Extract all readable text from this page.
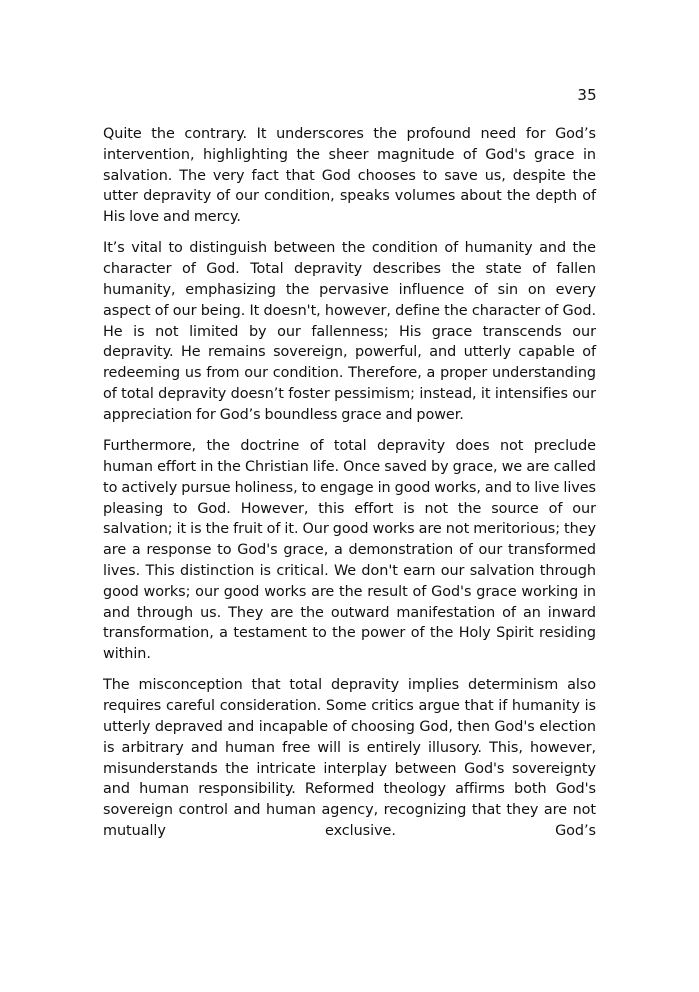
35

Quite the contrary. It underscores the profound need for God’s intervention, highlighting the sheer magnitude of God's grace in salvation. The very fact that God chooses to save us, despite the utter depravity of our condition, speaks volumes about the depth of His love and mercy.

It’s vital to distinguish between the condition of humanity and the character of God. Total depravity describes the state of fallen humanity, emphasizing the pervasive influence of sin on every aspect of our being. It doesn't, however, define the character of God. He is not limited by our fallenness; His grace transcends our depravity. He remains sovereign, powerful, and utterly capable of redeeming us from our condition. Therefore, a proper understanding of total depravity doesn’t foster pessimism; instead, it intensifies our appreciation for God’s boundless grace and power.

Furthermore, the doctrine of total depravity does not preclude human effort in the Christian life. Once saved by grace, we are called to actively pursue holiness, to engage in good works, and to live lives pleasing to God. However, this effort is not the source of our salvation; it is the fruit of it. Our good works are not meritorious; they are a response to God's grace, a demonstration of our transformed lives. This distinction is critical. We don't earn our salvation through good works; our good works are the result of God's grace working in and through us. They are the outward manifestation of an inward transformation, a testament to the power of the Holy Spirit residing within.

The misconception that total depravity implies determinism also requires careful consideration. Some critics argue that if humanity is utterly depraved and incapable of choosing God, then God's election is arbitrary and human free will is entirely illusory. This, however, misunderstands the intricate interplay between God's sovereignty and human responsibility. Reformed theology affirms both God's sovereign control and human agency, recognizing that they are not mutually exclusive. God’s
